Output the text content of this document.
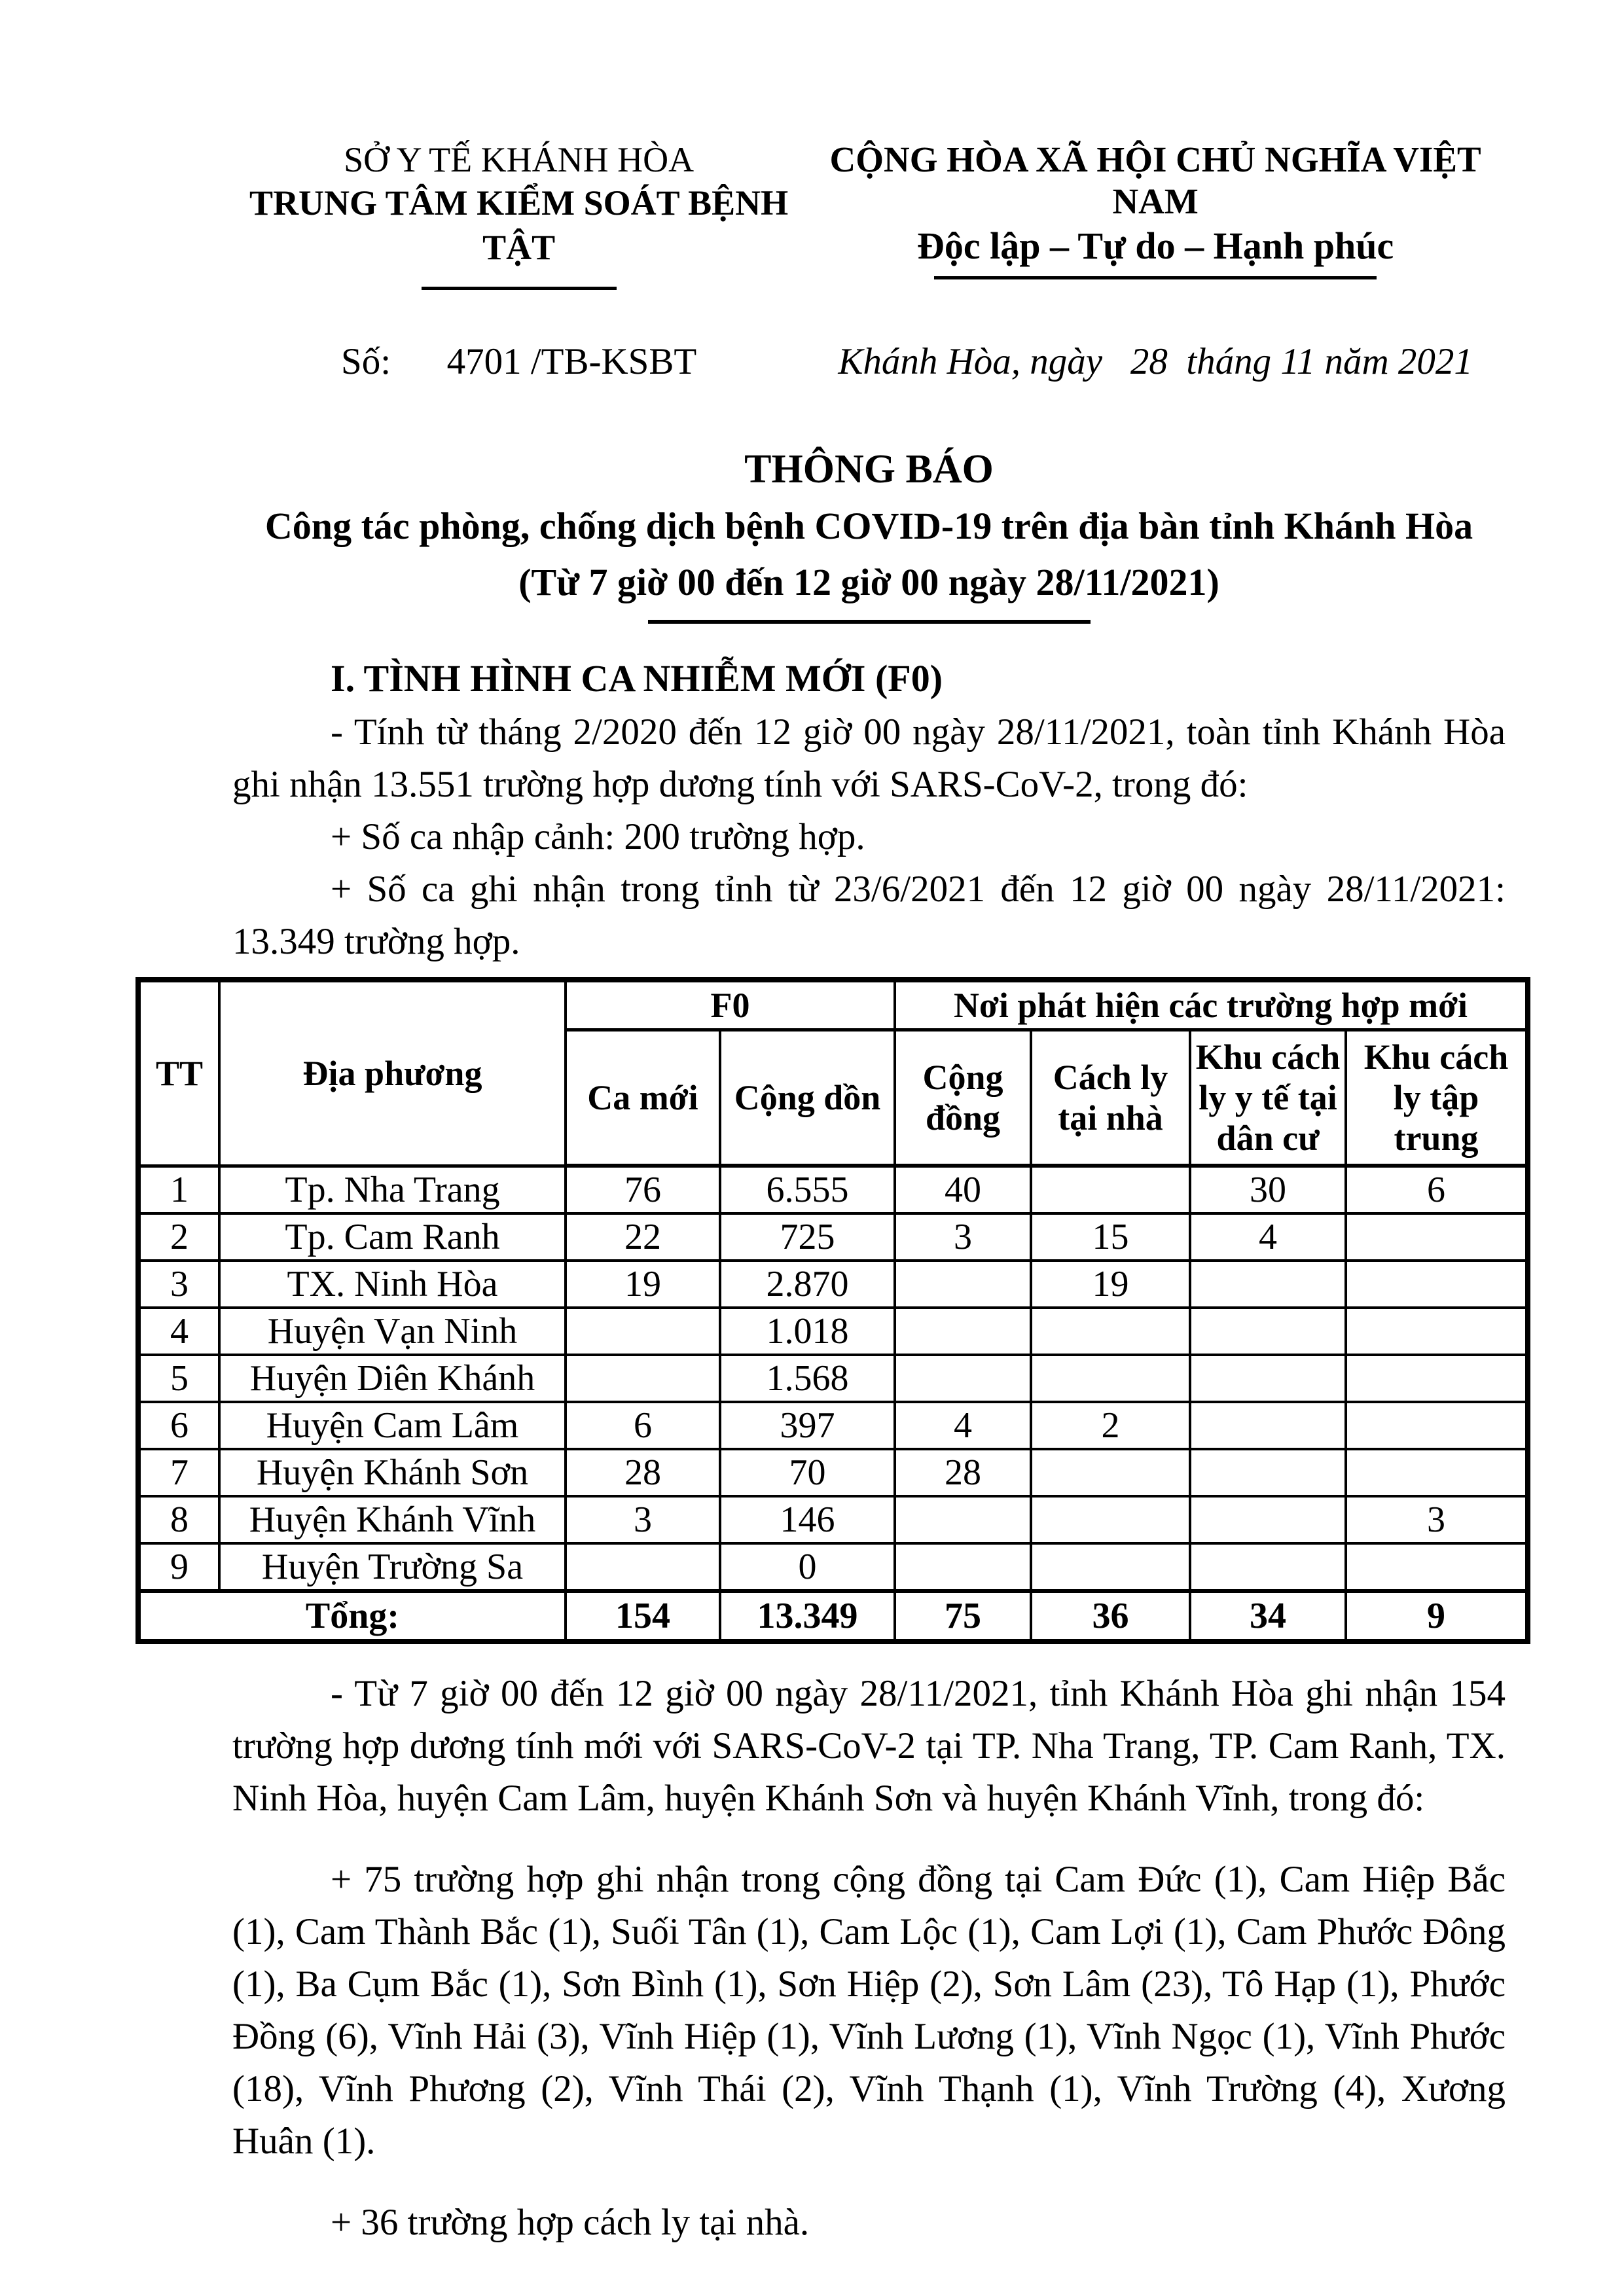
SỞ Y TẾ KHÁNH HÒA
TRUNG TÂM KIỂM SOÁT BỆNH TẬT
CỘNG HÒA XÃ HỘI CHỦ NGHĨA VIỆT NAM
Độc lập – Tự do – Hạnh phúc
Số:      4701 /TB-KSBT	Khánh Hòa, ngày   28  tháng 11 năm 2021
THÔNG BÁO
Công tác phòng, chống dịch bệnh COVID-19 trên địa bàn tỉnh Khánh Hòa
(Từ 7 giờ 00 đến 12 giờ 00 ngày 28/11/2021)
I. TÌNH HÌNH CA NHIỄM MỚI (F0)

- Tính từ tháng 2/2020 đến 12 giờ 00 ngày 28/11/2021, toàn tỉnh Khánh Hòa ghi nhận 13.551 trường hợp dương tính với SARS-CoV-2, trong đó:

+ Số ca nhập cảnh: 200 trường hợp.

+ Số ca ghi nhận trong tỉnh từ 23/6/2021 đến 12 giờ 00 ngày 28/11/2021: 13.349 trường hợp.

TT	Địa phương	F0		Nơi phát hiện các trường hợp mới			
		Ca mới	Cộng dồn	Cộng đồng	Cách ly tại nhà	Khu cách ly y tế tại dân cư	Khu cách ly tập trung
1	Tp. Nha Trang	76	6.555	40		30	6
2	Tp. Cam Ranh	22	725	3	15	4	
3	TX. Ninh Hòa	19	2.870		19		
4	Huyện Vạn Ninh		1.018				
5	Huyện Diên Khánh		1.568				
6	Huyện Cam Lâm	6	397	4	2		
7	Huyện Khánh Sơn	28	70	28			
8	Huyện Khánh Vĩnh	3	146				3
9	Huyện Trường Sa		0				
Tổng:		154	13.349	75	36	34	9

- Từ 7 giờ 00 đến 12 giờ 00 ngày 28/11/2021, tỉnh Khánh Hòa ghi nhận 154 trường hợp dương tính mới với SARS-CoV-2 tại TP. Nha Trang, TP. Cam Ranh, TX. Ninh Hòa, huyện Cam Lâm, huyện Khánh Sơn và huyện Khánh Vĩnh, trong đó:

+ 75 trường hợp ghi nhận trong cộng đồng tại Cam Đức (1), Cam Hiệp Bắc (1), Cam Thành Bắc (1), Suối Tân (1), Cam Lộc (1), Cam Lợi (1), Cam Phước Đông (1), Ba Cụm Bắc (1), Sơn Bình (1), Sơn Hiệp (2), Sơn Lâm (23), Tô Hạp (1), Phước Đồng (6), Vĩnh Hải (3), Vĩnh Hiệp (1), Vĩnh Lương (1), Vĩnh Ngọc (1), Vĩnh Phước (18), Vĩnh Phương (2), Vĩnh Thái (2), Vĩnh Thạnh (1), Vĩnh Trường (4), Xương Huân (1).

+ 36 trường hợp cách ly tại nhà.
